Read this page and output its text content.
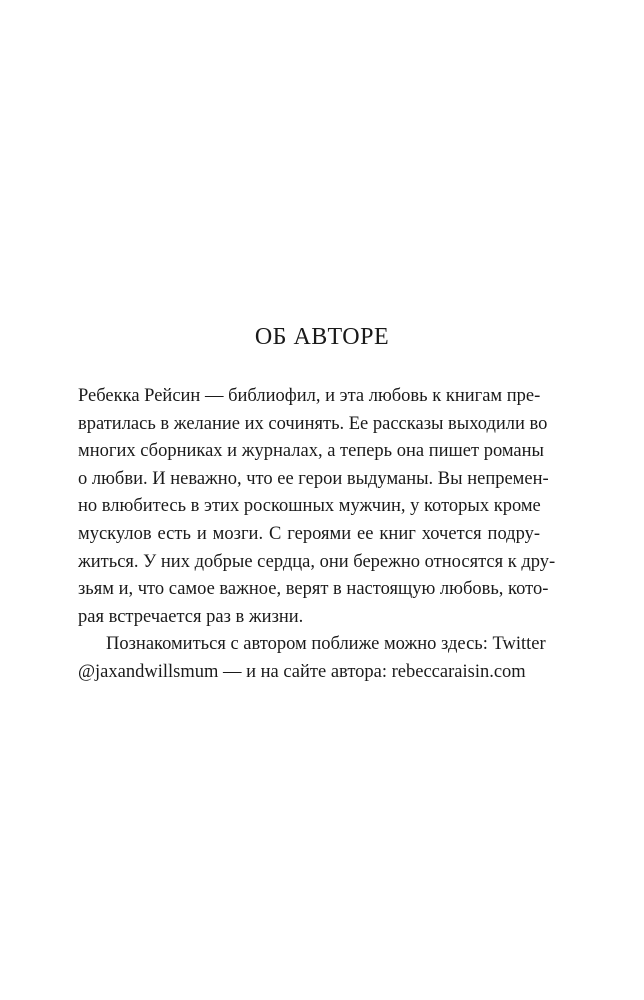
ОБ АВТОРЕ
Ребекка Рейсин — библиофил, и эта любовь к книгам пре-
вратилась в желание их сочинять. Ее рассказы выходили во
многих сборниках и журналах, а теперь она пишет романы
о любви. И неважно, что ее герои выдуманы. Вы непремен-
но влюбитесь в этих роскошных мужчин, у которых кроме
мускулов есть и мозги. С героями ее книг хочется подру-
житься. У них добрые сердца, они бережно относятся к дру-
зьям и, что самое важное, верят в настоящую любовь, кото-
рая встречается раз в жизни.
Познакомиться с автором поближе можно здесь: Twitter
@jaxandwillsmum — и на сайте автора: rebeccaraisin.com
